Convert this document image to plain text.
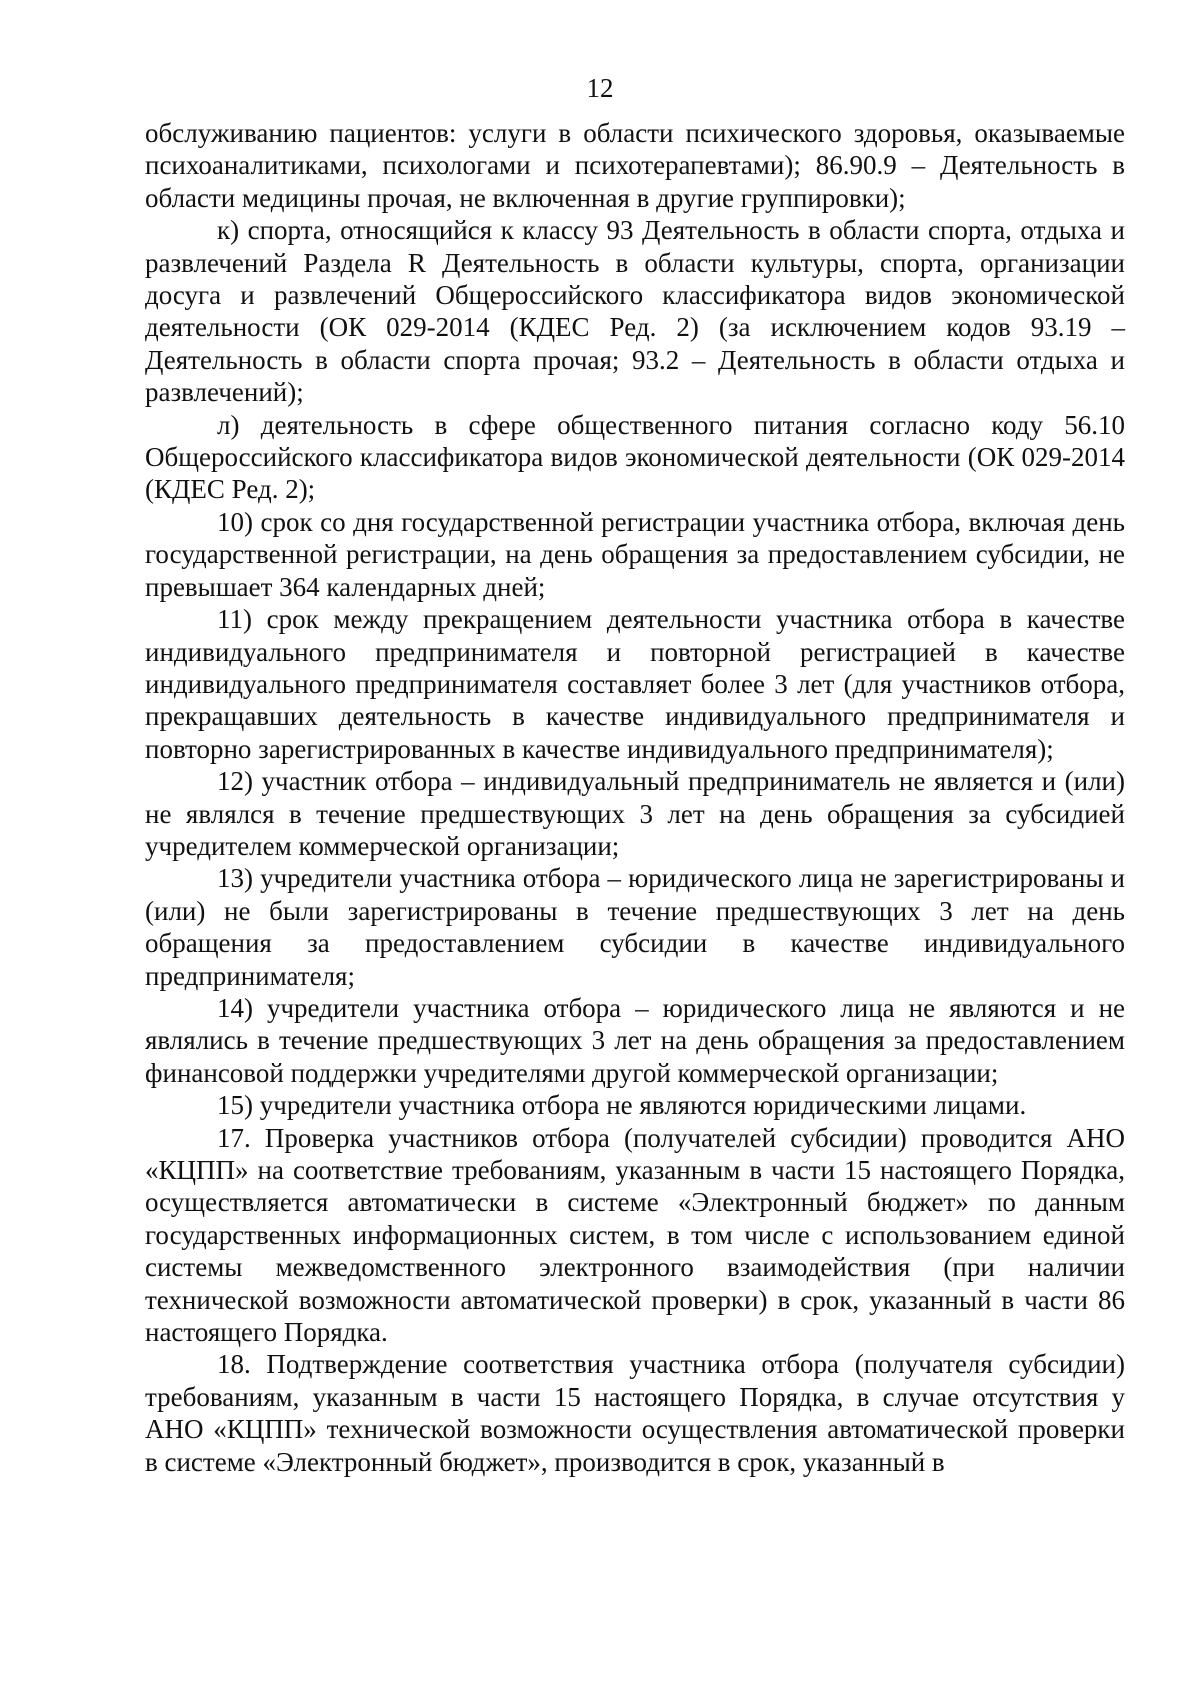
12

обслуживанию пациентов: услуги в области психического здоровья, оказываемые психоаналитиками, психологами и психотерапевтами); 86.90.9 – Деятельность в области медицины прочая, не включенная в другие группировки);

к) спорта, относящийся к классу 93 Деятельность в области спорта, отдыха и развлечений Раздела R Деятельность в области культуры, спорта, организации досуга и развлечений Общероссийского классификатора видов экономической деятельности (ОК 029-2014 (КДЕС Ред. 2) (за исключением кодов 93.19 – Деятельность в области спорта прочая; 93.2 – Деятельность в области отдыха и развлечений);

л) деятельность в сфере общественного питания согласно коду 56.10 Общероссийского классификатора видов экономической деятельности (ОК 029-2014 (КДЕС Ред. 2);

10) срок со дня государственной регистрации участника отбора, включая день государственной регистрации, на день обращения за предоставлением субсидии, не превышает 364 календарных дней;

11) срок между прекращением деятельности участника отбора в качестве индивидуального предпринимателя и повторной регистрацией в качестве индивидуального предпринимателя составляет более 3 лет (для участников отбора, прекращавших деятельность в качестве индивидуального предпринимателя и повторно зарегистрированных в качестве индивидуального предпринимателя);

12) участник отбора – индивидуальный предприниматель не является и (или) не являлся в течение предшествующих 3 лет на день обращения за субсидией учредителем коммерческой организации;

13) учредители участника отбора – юридического лица не зарегистрированы и (или) не были зарегистрированы в течение предшествующих 3 лет на день обращения за предоставлением субсидии в качестве индивидуального предпринимателя;

14) учредители участника отбора – юридического лица не являются и не являлись в течение предшествующих 3 лет на день обращения за предоставлением финансовой поддержки учредителями другой коммерческой организации;

15) учредители участника отбора не являются юридическими лицами.

17. Проверка участников отбора (получателей субсидии) проводится АНО «КЦПП» на соответствие требованиям, указанным в части 15 настоящего Порядка, осуществляется автоматически в системе «Электронный бюджет» по данным государственных информационных систем, в том числе с использованием единой системы межведомственного электронного взаимодействия (при наличии технической возможности автоматической проверки) в срок, указанный в части 86 настоящего Порядка.

18. Подтверждение соответствия участника отбора (получателя субсидии) требованиям, указанным в части 15 настоящего Порядка, в случае отсутствия у АНО «КЦПП» технической возможности осуществления автоматической проверки в системе «Электронный бюджет», производится в срок, указанный в
